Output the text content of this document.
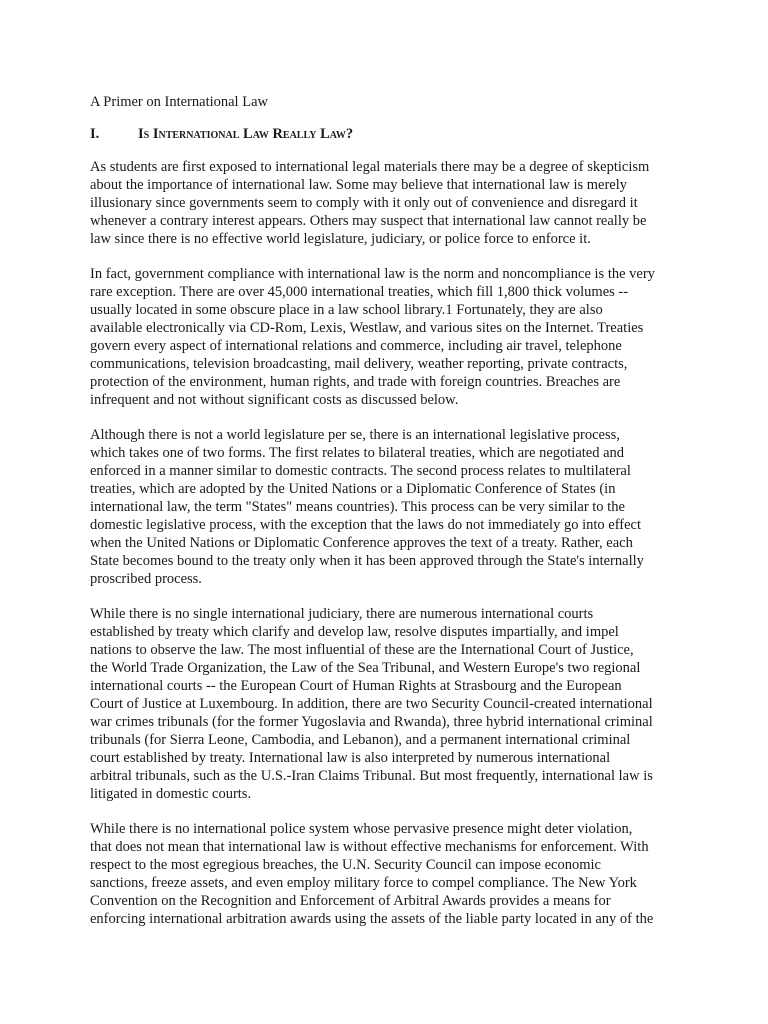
A Primer on International Law

I.	Is International Law Really Law?

As students are first exposed to international legal materials there may be a degree of skepticism
about the importance of international law. Some may believe that international law is merely
illusionary since governments seem to comply with it only out of convenience and disregard it
whenever a contrary interest appears. Others may suspect that international law cannot really be
law since there is no effective world legislature, judiciary, or police force to enforce it.

In fact, government compliance with international law is the norm and noncompliance is the very
rare exception. There are over 45,000 international treaties, which fill 1,800 thick volumes --
usually located in some obscure place in a law school library.1 Fortunately, they are also
available electronically via CD-Rom, Lexis, Westlaw, and various sites on the Internet. Treaties
govern every aspect of international relations and commerce, including air travel, telephone
communications, television broadcasting, mail delivery, weather reporting, private contracts,
protection of the environment, human rights, and trade with foreign countries. Breaches are
infrequent and not without significant costs as discussed below.

Although there is not a world legislature per se, there is an international legislative process,
which takes one of two forms. The first relates to bilateral treaties, which are negotiated and
enforced in a manner similar to domestic contracts. The second process relates to multilateral
treaties, which are adopted by the United Nations or a Diplomatic Conference of States (in
international law, the term "States" means countries). This process can be very similar to the
domestic legislative process, with the exception that the laws do not immediately go into effect
when the United Nations or Diplomatic Conference approves the text of a treaty. Rather, each
State becomes bound to the treaty only when it has been approved through the State's internally
proscribed process.

While there is no single international judiciary, there are numerous international courts
established by treaty which clarify and develop law, resolve disputes impartially, and impel
nations to observe the law. The most influential of these are the International Court of Justice,
the World Trade Organization, the Law of the Sea Tribunal, and Western Europe's two regional
international courts -- the European Court of Human Rights at Strasbourg and the European
Court of Justice at Luxembourg. In addition, there are two Security Council-created international
war crimes tribunals (for the former Yugoslavia and Rwanda), three hybrid international criminal
tribunals (for Sierra Leone, Cambodia, and Lebanon), and a permanent international criminal
court established by treaty. International law is also interpreted by numerous international
arbitral tribunals, such as the U.S.-Iran Claims Tribunal. But most frequently, international law is
litigated in domestic courts.

While there is no international police system whose pervasive presence might deter violation,
that does not mean that international law is without effective mechanisms for enforcement. With
respect to the most egregious breaches, the U.N. Security Council can impose economic
sanctions, freeze assets, and even employ military force to compel compliance. The New York
Convention on the Recognition and Enforcement of Arbitral Awards provides a means for
enforcing international arbitration awards using the assets of the liable party located in any of the
